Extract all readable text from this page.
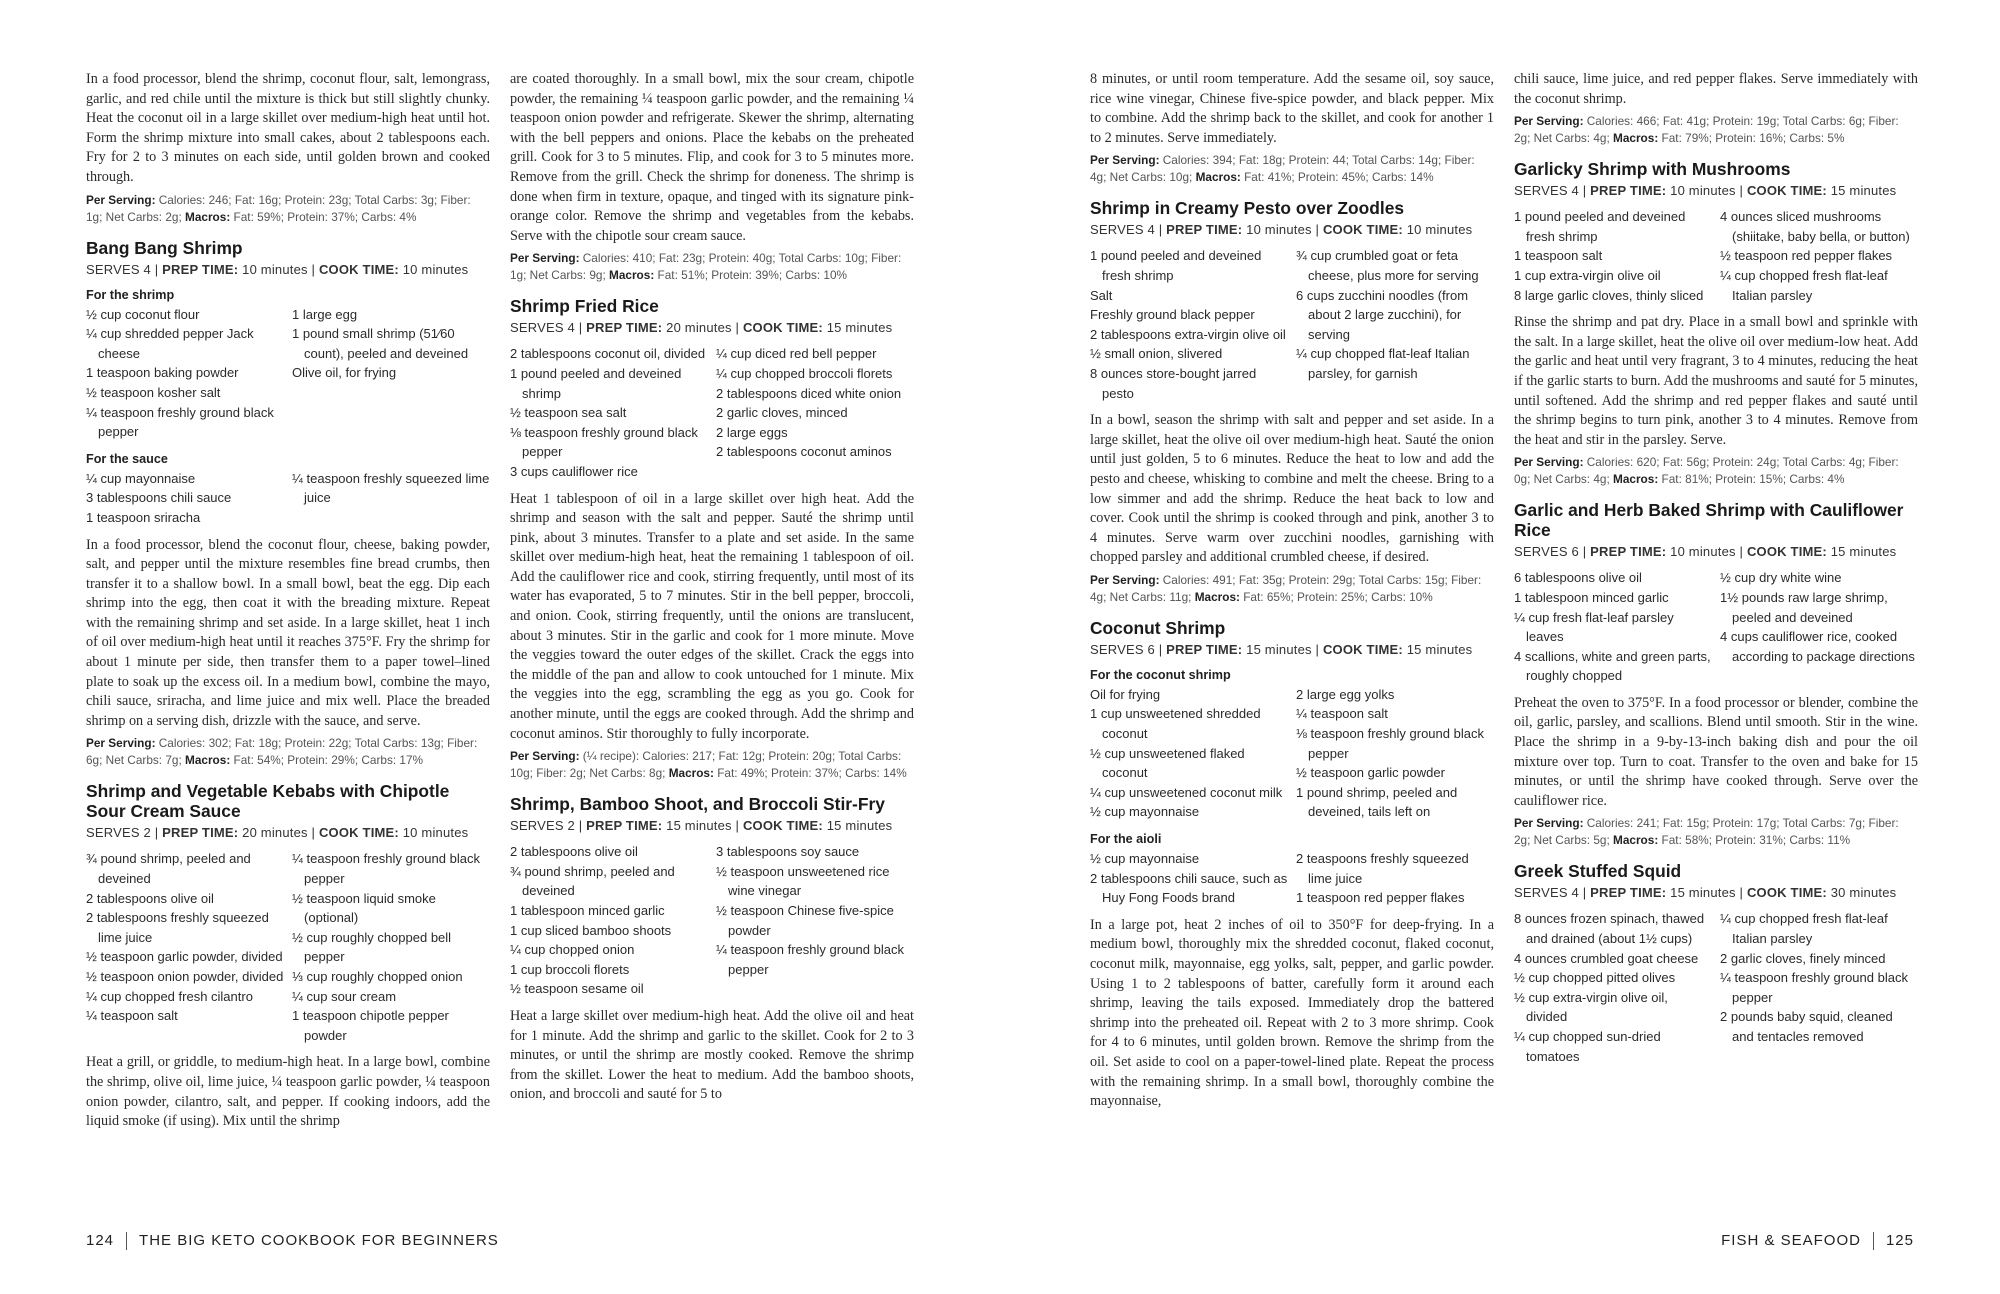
In a food processor, blend the shrimp, coconut flour, salt, lemongrass, garlic, and red chile until the mixture is thick but still slightly chunky. Heat the coconut oil in a large skillet over medium-high heat until hot. Form the shrimp mixture into small cakes, about 2 tablespoons each. Fry for 2 to 3 minutes on each side, until golden brown and cooked through.

Per Serving: Calories: 246; Fat: 16g; Protein: 23g; Total Carbs: 3g; Fiber: 1g; Net Carbs: 2g; Macros: Fat: 59%; Protein: 37%; Carbs: 4%

Bang Bang Shrimp
SERVES 4 | PREP TIME: 10 minutes | COOK TIME: 10 minutes
For the shrimp
½ cup coconut flour
¼ cup shredded pepper Jack cheese
1 teaspoon baking powder
½ teaspoon kosher salt
¼ teaspoon freshly ground black pepper
1 large egg
1 pound small shrimp (51⁄60 count), peeled and deveined
Olive oil, for frying
For the sauce
¼ cup mayonnaise
3 tablespoons chili sauce
1 teaspoon sriracha
¼ teaspoon freshly squeezed lime juice

In a food processor, blend the coconut flour, cheese, baking powder, salt, and pepper until the mixture resembles fine bread crumbs, then transfer it to a shallow bowl. In a small bowl, beat the egg. Dip each shrimp into the egg, then coat it with the breading mixture. Repeat with the remaining shrimp and set aside. In a large skillet, heat 1 inch of oil over medium-high heat until it reaches 375°F. Fry the shrimp for about 1 minute per side, then transfer them to a paper towel–lined plate to soak up the excess oil. In a medium bowl, combine the mayo, chili sauce, sriracha, and lime juice and mix well. Place the breaded shrimp on a serving dish, drizzle with the sauce, and serve.

Per Serving: Calories: 302; Fat: 18g; Protein: 22g; Total Carbs: 13g; Fiber: 6g; Net Carbs: 7g; Macros: Fat: 54%; Protein: 29%; Carbs: 17%

Shrimp and Vegetable Kebabs with Chipotle Sour Cream Sauce
SERVES 2 | PREP TIME: 20 minutes | COOK TIME: 10 minutes
¾ pound shrimp, peeled and deveined
2 tablespoons olive oil
2 tablespoons freshly squeezed lime juice
½ teaspoon garlic powder, divided
½ teaspoon onion powder, divided
¼ cup chopped fresh cilantro
¼ teaspoon salt
¼ teaspoon freshly ground black pepper
½ teaspoon liquid smoke (optional)
½ cup roughly chopped bell pepper
⅓ cup roughly chopped onion
¼ cup sour cream
1 teaspoon chipotle pepper powder

Heat a grill, or griddle, to medium-high heat. In a large bowl, combine the shrimp, olive oil, lime juice, ¼ teaspoon garlic powder, ¼ teaspoon onion powder, cilantro, salt, and pepper. If cooking indoors, add the liquid smoke (if using). Mix until the shrimp

are coated thoroughly. In a small bowl, mix the sour cream, chipotle powder, the remaining ¼ teaspoon garlic powder, and the remaining ¼ teaspoon onion powder and refrigerate. Skewer the shrimp, alternating with the bell peppers and onions. Place the kebabs on the preheated grill. Cook for 3 to 5 minutes. Flip, and cook for 3 to 5 minutes more. Remove from the grill. Check the shrimp for doneness. The shrimp is done when firm in texture, opaque, and tinged with its signature pink-orange color. Remove the shrimp and vegetables from the kebabs. Serve with the chipotle sour cream sauce.

Per Serving: Calories: 410; Fat: 23g; Protein: 40g; Total Carbs: 10g; Fiber: 1g; Net Carbs: 9g; Macros: Fat: 51%; Protein: 39%; Carbs: 10%

Shrimp Fried Rice
SERVES 4 | PREP TIME: 20 minutes | COOK TIME: 15 minutes
2 tablespoons coconut oil, divided
1 pound peeled and deveined shrimp
½ teaspoon sea salt
⅛ teaspoon freshly ground black pepper
3 cups cauliflower rice
¼ cup diced red bell pepper
¼ cup chopped broccoli florets
2 tablespoons diced white onion
2 garlic cloves, minced
2 large eggs
2 tablespoons coconut aminos

Heat 1 tablespoon of oil in a large skillet over high heat. Add the shrimp and season with the salt and pepper. Sauté the shrimp until pink, about 3 minutes. Transfer to a plate and set aside. In the same skillet over medium-high heat, heat the remaining 1 tablespoon of oil. Add the cauliflower rice and cook, stirring frequently, until most of its water has evaporated, 5 to 7 minutes. Stir in the bell pepper, broccoli, and onion. Cook, stirring frequently, until the onions are translucent, about 3 minutes. Stir in the garlic and cook for 1 more minute. Move the veggies toward the outer edges of the skillet. Crack the eggs into the middle of the pan and allow to cook untouched for 1 minute. Mix the veggies into the egg, scrambling the egg as you go. Cook for another minute, until the eggs are cooked through. Add the shrimp and coconut aminos. Stir thoroughly to fully incorporate.

Per Serving: (¼ recipe): Calories: 217; Fat: 12g; Protein: 20g; Total Carbs: 10g; Fiber: 2g; Net Carbs: 8g; Macros: Fat: 49%; Protein: 37%; Carbs: 14%

Shrimp, Bamboo Shoot, and Broccoli Stir-Fry
SERVES 2 | PREP TIME: 15 minutes | COOK TIME: 15 minutes
2 tablespoons olive oil
¾ pound shrimp, peeled and deveined
1 tablespoon minced garlic
1 cup sliced bamboo shoots
¼ cup chopped onion
1 cup broccoli florets
½ teaspoon sesame oil
3 tablespoons soy sauce
½ teaspoon unsweetened rice wine vinegar
½ teaspoon Chinese five-spice powder
¼ teaspoon freshly ground black pepper

Heat a large skillet over medium-high heat. Add the olive oil and heat for 1 minute. Add the shrimp and garlic to the skillet. Cook for 2 to 3 minutes, or until the shrimp are mostly cooked. Remove the shrimp from the skillet. Lower the heat to medium. Add the bamboo shoots, onion, and broccoli and sauté for 5 to

8 minutes, or until room temperature. Add the sesame oil, soy sauce, rice wine vinegar, Chinese five-spice powder, and black pepper. Mix to combine. Add the shrimp back to the skillet, and cook for another 1 to 2 minutes. Serve immediately.

Per Serving: Calories: 394; Fat: 18g; Protein: 44; Total Carbs: 14g; Fiber: 4g; Net Carbs: 10g; Macros: Fat: 41%; Protein: 45%; Carbs: 14%

Shrimp in Creamy Pesto over Zoodles
SERVES 4 | PREP TIME: 10 minutes | COOK TIME: 10 minutes
1 pound peeled and deveined fresh shrimp
Salt
Freshly ground black pepper
2 tablespoons extra-virgin olive oil
½ small onion, slivered
8 ounces store-bought jarred pesto
¾ cup crumbled goat or feta cheese, plus more for serving
6 cups zucchini noodles (from about 2 large zucchini), for serving
¼ cup chopped flat-leaf Italian parsley, for garnish

In a bowl, season the shrimp with salt and pepper and set aside. In a large skillet, heat the olive oil over medium-high heat. Sauté the onion until just golden, 5 to 6 minutes. Reduce the heat to low and add the pesto and cheese, whisking to combine and melt the cheese. Bring to a low simmer and add the shrimp. Reduce the heat back to low and cover. Cook until the shrimp is cooked through and pink, another 3 to 4 minutes. Serve warm over zucchini noodles, garnishing with chopped parsley and additional crumbled cheese, if desired.

Per Serving: Calories: 491; Fat: 35g; Protein: 29g; Total Carbs: 15g; Fiber: 4g; Net Carbs: 11g; Macros: Fat: 65%; Protein: 25%; Carbs: 10%

Coconut Shrimp
SERVES 6 | PREP TIME: 15 minutes | COOK TIME: 15 minutes
For the coconut shrimp
Oil for frying
1 cup unsweetened shredded coconut
½ cup unsweetened flaked coconut
¼ cup unsweetened coconut milk
½ cup mayonnaise
2 large egg yolks
¼ teaspoon salt
⅛ teaspoon freshly ground black pepper
½ teaspoon garlic powder
1 pound shrimp, peeled and deveined, tails left on
For the aioli
½ cup mayonnaise
2 tablespoons chili sauce, such as Huy Fong Foods brand
2 teaspoons freshly squeezed lime juice
1 teaspoon red pepper flakes

In a large pot, heat 2 inches of oil to 350°F for deep-frying. In a medium bowl, thoroughly mix the shredded coconut, flaked coconut, coconut milk, mayonnaise, egg yolks, salt, pepper, and garlic powder. Using 1 to 2 tablespoons of batter, carefully form it around each shrimp, leaving the tails exposed. Immediately drop the battered shrimp into the preheated oil. Repeat with 2 to 3 more shrimp. Cook for 4 to 6 minutes, until golden brown. Remove the shrimp from the oil. Set aside to cool on a paper-towel-lined plate. Repeat the process with the remaining shrimp. In a small bowl, thoroughly combine the mayonnaise,

chili sauce, lime juice, and red pepper flakes. Serve immediately with the coconut shrimp.

Per Serving: Calories: 466; Fat: 41g; Protein: 19g; Total Carbs: 6g; Fiber: 2g; Net Carbs: 4g; Macros: Fat: 79%; Protein: 16%; Carbs: 5%

Garlicky Shrimp with Mushrooms
SERVES 4 | PREP TIME: 10 minutes | COOK TIME: 15 minutes
1 pound peeled and deveined fresh shrimp
1 teaspoon salt
1 cup extra-virgin olive oil
8 large garlic cloves, thinly sliced
4 ounces sliced mushrooms (shiitake, baby bella, or button)
½ teaspoon red pepper flakes
¼ cup chopped fresh flat-leaf Italian parsley

Rinse the shrimp and pat dry. Place in a small bowl and sprinkle with the salt. In a large skillet, heat the olive oil over medium-low heat. Add the garlic and heat until very fragrant, 3 to 4 minutes, reducing the heat if the garlic starts to burn. Add the mushrooms and sauté for 5 minutes, until softened. Add the shrimp and red pepper flakes and sauté until the shrimp begins to turn pink, another 3 to 4 minutes. Remove from the heat and stir in the parsley. Serve.

Per Serving: Calories: 620; Fat: 56g; Protein: 24g; Total Carbs: 4g; Fiber: 0g; Net Carbs: 4g; Macros: Fat: 81%; Protein: 15%; Carbs: 4%

Garlic and Herb Baked Shrimp with Cauliflower Rice
SERVES 6 | PREP TIME: 10 minutes | COOK TIME: 15 minutes
6 tablespoons olive oil
1 tablespoon minced garlic
¼ cup fresh flat-leaf parsley leaves
4 scallions, white and green parts, roughly chopped
½ cup dry white wine
1½ pounds raw large shrimp, peeled and deveined
4 cups cauliflower rice, cooked according to package directions

Preheat the oven to 375°F. In a food processor or blender, combine the oil, garlic, parsley, and scallions. Blend until smooth. Stir in the wine. Place the shrimp in a 9-by-13-inch baking dish and pour the oil mixture over top. Turn to coat. Transfer to the oven and bake for 15 minutes, or until the shrimp have cooked through. Serve over the cauliflower rice.

Per Serving: Calories: 241; Fat: 15g; Protein: 17g; Total Carbs: 7g; Fiber: 2g; Net Carbs: 5g; Macros: Fat: 58%; Protein: 31%; Carbs: 11%

Greek Stuffed Squid
SERVES 4 | PREP TIME: 15 minutes | COOK TIME: 30 minutes
8 ounces frozen spinach, thawed and drained (about 1½ cups)
4 ounces crumbled goat cheese
½ cup chopped pitted olives
½ cup extra-virgin olive oil, divided
¼ cup chopped sun-dried tomatoes
¼ cup chopped fresh flat-leaf Italian parsley
2 garlic cloves, finely minced
¼ teaspoon freshly ground black pepper
2 pounds baby squid, cleaned and tentacles removed
124 THE BIG KETO COOKBOOK FOR BEGINNERS	FISH & SEAFOOD 125
